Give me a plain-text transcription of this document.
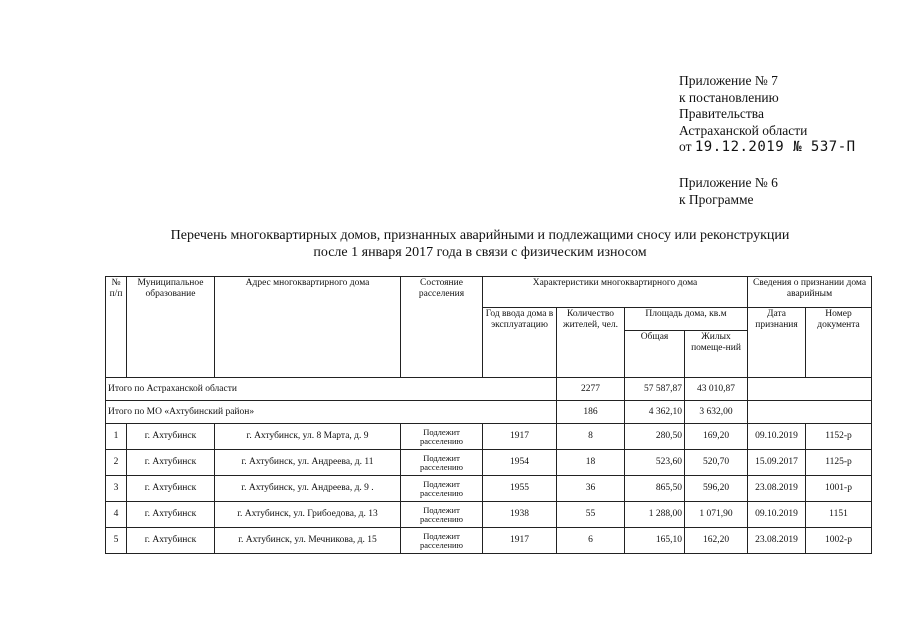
Приложение № 7
к постановлению
Правительства
Астраханской области
от 19.12.2019 № 537-П
Приложение № 6
к Программе
Перечень многоквартирных домов, признанных аварийными и подлежащими сносу или реконструкции
после 1 января 2017 года в связи с физическим износом
№ п/п	Муниципальное образование	Адрес многоквартирного дома	Состояние расселения	Характеристики многоквартирного дома				Сведения о признании дома аварийным	
				Год ввода дома в эксплуатацию	Количество жителей, чел.	Площадь дома, кв.м		Дата признания	Номер документа
						Общая	Жилых помеще-ний		
Итого по Астраханской области					2277	57 587,87	43 010,87		
Итого по МО «Ахтубинский район»					186	4 362,10	3 632,00		
1	г. Ахтубинск	г. Ахтубинск, ул. 8 Марта, д. 9	Подлежит расселению	1917	8	280,50	169,20	09.10.2019	1152-р
2	г. Ахтубинск	г. Ахтубинск, ул. Андреева, д. 11	Подлежит расселению	1954	18	523,60	520,70	15.09.2017	1125-р
3	г. Ахтубинск	г. Ахтубинск, ул. Андреева, д. 9 .	Подлежит расселению	1955	36	865,50	596,20	23.08.2019	1001-р
4	г. Ахтубинск	г. Ахтубинск, ул. Грибоедова, д. 13	Подлежит расселению	1938	55	1 288,00	1 071,90	09.10.2019	1151
5	г. Ахтубинск	г. Ахтубинск, ул. Мечникова, д. 15	Подлежит расселению	1917	6	165,10	162,20	23.08.2019	1002-р
